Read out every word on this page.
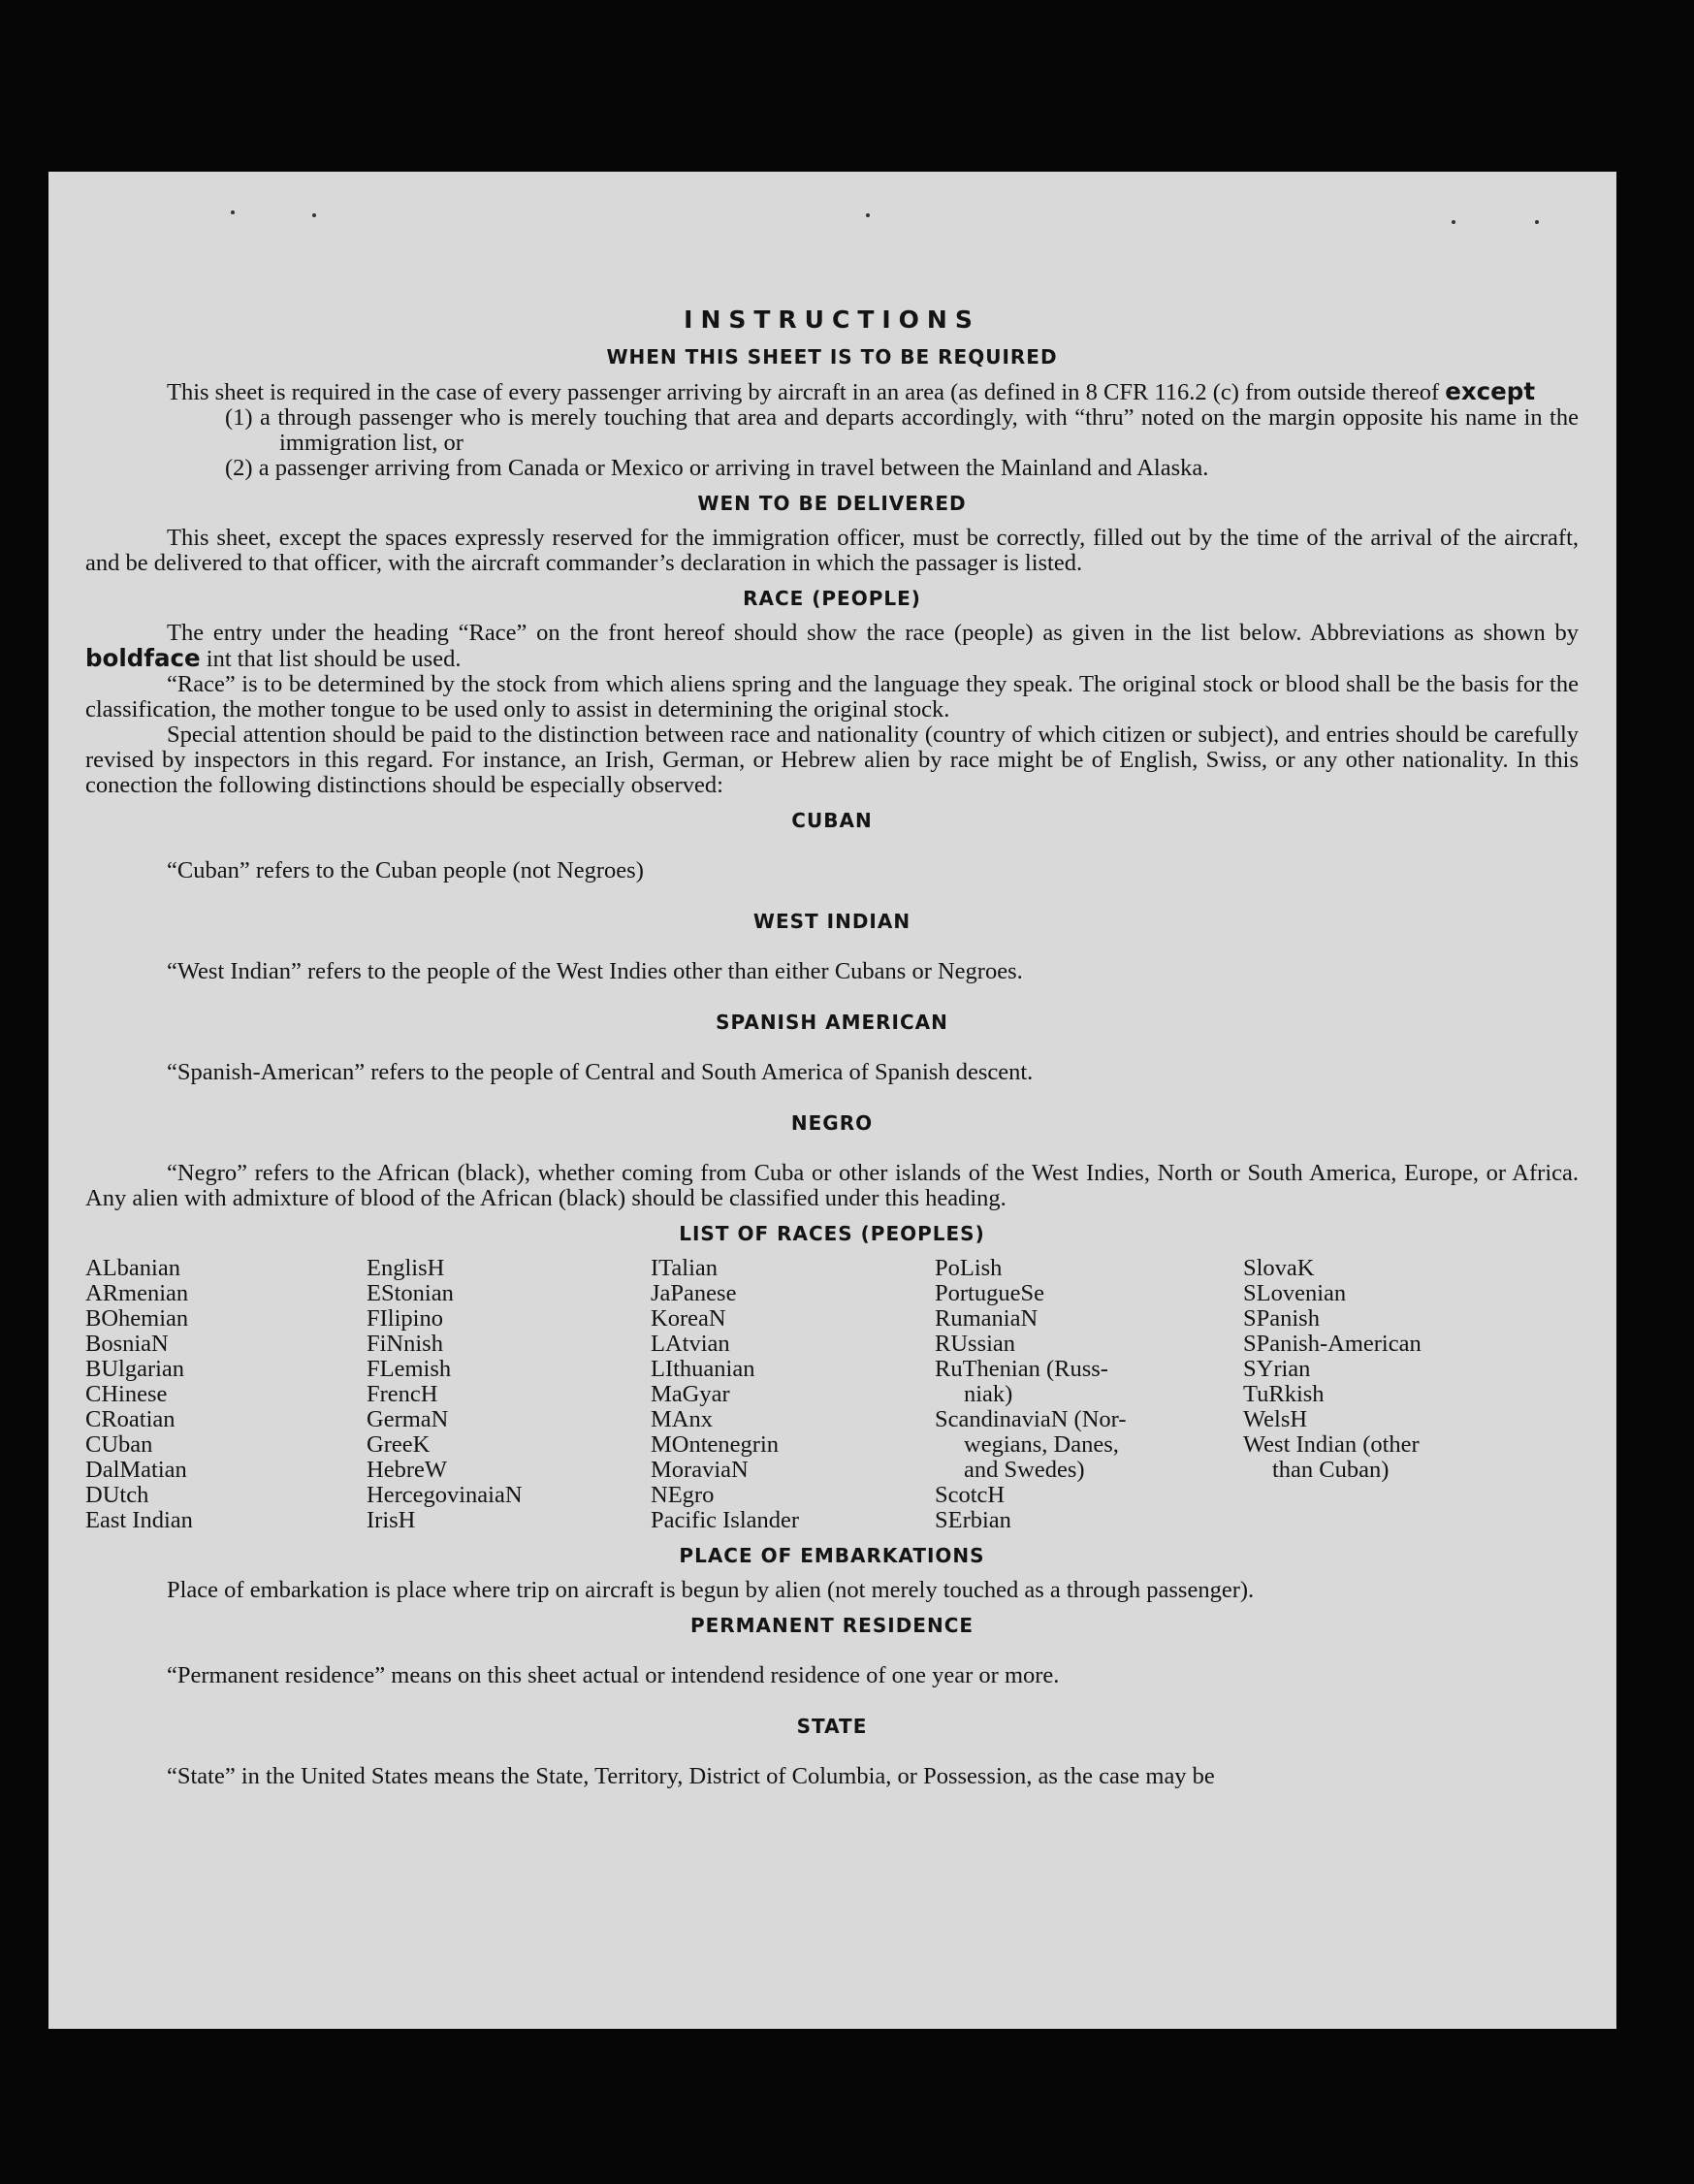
INSTRUCTIONS
WHEN THIS SHEET IS TO BE REQUIRED

This sheet is required in the case of every passenger arriving by aircraft in an area (as defined in 8 CFR 116.2 (c) from outside thereof except

(1) a through passenger who is merely touching that area and departs accordingly, with “thru” noted on the margin opposite his name in the immigration list, or

(2) a passenger arriving from Canada or Mexico or arriving in travel between the Mainland and Alaska.

WEN TO BE DELIVERED

This sheet, except the spaces expressly reserved for the immigration officer, must be correctly, filled out by the time of the arrival of the aircraft, and be delivered to that officer, with the aircraft commander’s declaration in which the passager is listed.

RACE (PEOPLE)

The entry under the heading “Race” on the front hereof should show the race (people) as given in the list below. Abbreviations as shown by boldface int that list should be used.

“Race” is to be determined by the stock from which aliens spring and the language they speak. The original stock or blood shall be the basis for the classification, the mother tongue to be used only to assist in determining the original stock.

Special attention should be paid to the distinction between race and nationality (country of which citizen or subject), and entries should be carefully revised by inspectors in this regard. For instance, an Irish, German, or Hebrew alien by race might be of English, Swiss, or any other nationality. In this conection the following distinctions should be especially observed:

CUBAN

“Cuban” refers to the Cuban people (not Negroes)

WEST INDIAN

“West Indian” refers to the people of the West Indies other than either Cubans or Negroes.

SPANISH AMERICAN

“Spanish-American” refers to the people of Central and South America of Spanish descent.

NEGRO

“Negro” refers to the African (black), whether coming from Cuba or other islands of the West Indies, North or South America, Europe, or Africa. Any alien with admixture of blood of the African (black) should be classified under this heading.

LIST OF RACES (PEOPLES)
ALbanian
ARmenian
BOhemian
BosniaN
BUlgarian
CHinese
CRoatian
CUban
DalMatian
DUtch
East Indian
EnglisH
EStonian
FIlipino
FiNnish
FLemish
FrencH
GermaN
GreeK
HebreW
HercegovinaiaN
IrisH
ITalian
JaPanese
KoreaN
LAtvian
LIthuanian
MaGyar
MAnx
MOntenegrin
MoraviaN
NEgro
Pacific Islander
PoLish
PortugueSe
RumaniaN
RUssian
RuThenian (Russ-
niak)
ScandinaviaN (Nor-
wegians, Danes,
and Swedes)
ScotcH
SErbian
SlovaK
SLovenian
SPanish
SPanish-American
SYrian
TuRkish
WelsH
West Indian (other
than Cuban)
PLACE OF EMBARKATIONS

Place of embarkation is place where trip on aircraft is begun by alien (not merely touched as a through passenger).

PERMANENT RESIDENCE

“Permanent residence” means on this sheet actual or intendend residence of one year or more.

STATE

“State” in the United States means the State, Territory, District of Columbia, or Possession, as the case may be
